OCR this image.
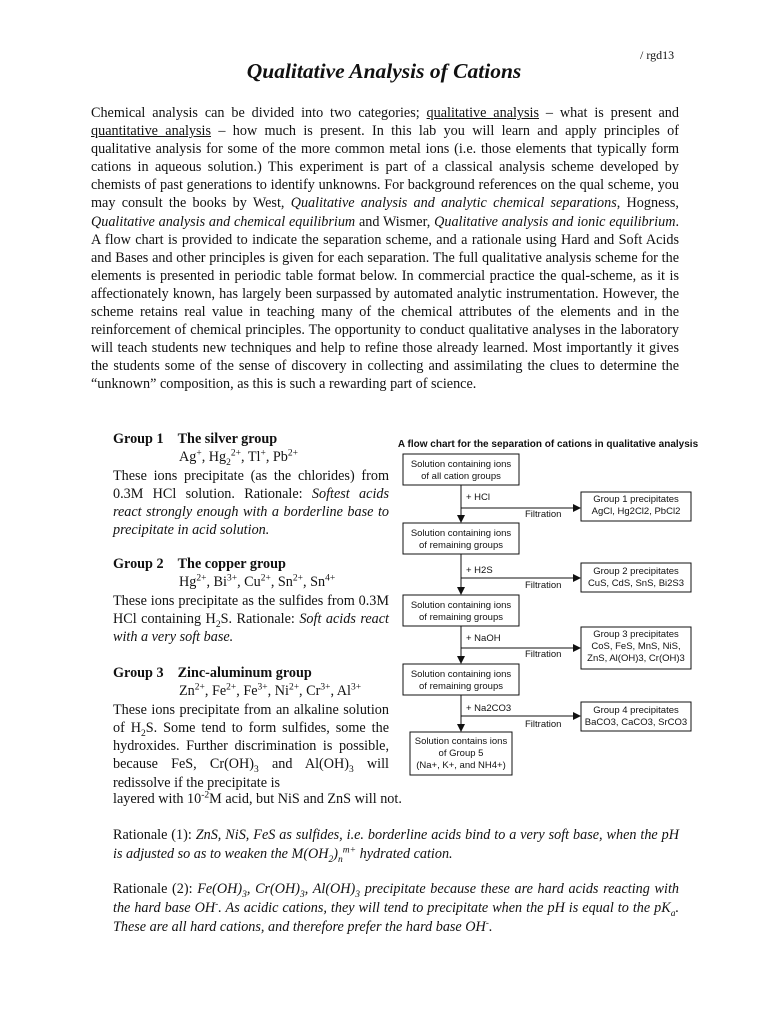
/ rgd13
Qualitative Analysis of Cations

Chemical analysis can be divided into two categories; qualitative analysis – what is present and quantitative analysis – how much is present. In this lab you will learn and apply principles of qualitative analysis for some of the more common metal ions (i.e. those elements that typically form cations in aqueous solution.) This experiment is part of a classical analysis scheme developed by chemists of past generations to identify unknowns. For background references on the qual scheme, you may consult the books by West, Qualitative analysis and analytic chemical separations, Hogness, Qualitative analysis and chemical equilibrium and Wismer, Qualitative analysis and ionic equilibrium. A flow chart is provided to indicate the separation scheme, and a rationale using Hard and Soft Acids and Bases and other principles is given for each separation. The full qualitative analysis scheme for the elements is presented in periodic table format below. In commercial practice the qual-scheme, as it is affectionately known, has largely been surpassed by automated analytic instrumentation. However, the scheme retains real value in teaching many of the chemical attributes of the elements and in the reinforcement of chemical principles. The opportunity to conduct qualitative analyses in the laboratory will teach students new techniques and help to refine those already learned. Most importantly it gives the students some of the sense of discovery in collecting and assimilating the clues to determine the “unknown” composition, as this is such a rewarding part of science.

Group 1 The silver group
Ag+, $Hg_2^{2+}$, Tl+, $Pb^{2+}$
These ions precipitate (as the chlorides) from 0.3M HCl solution. Rationale: Softest acids react strongly enough with a borderline base to precipitate in acid solution.
Group 2 The copper group
$Hg^{2+}$, $Bi^{3+}$, $Cu^{2+}$, $Sn^{2+}$, $Sn^{4+}$
These ions precipitate as the sulfides from 0.3M HCl containing $H_2S$. Rationale: Soft acids react with a very soft base.
Group 3 Zinc-aluminum group
$Zn^{2+}$, $Fe^{2+}$, $Fe^{3+}$, $Ni^{2+}$, $Cr^{3+}$, $Al^{3+}$
These ions precipitate from an alkaline solution of $H_2S$. Some tend to form sulfides, some the hydroxides. Further discrimination is possible, because FeS, $Cr(OH)_3$ and $Al(OH)_3$ will redissolve if the precipitate is
layered with $10^{-2}M$ acid, but NiS and ZnS will not.
Rationale (1): ZnS, NiS, FeS as sulfides, i.e. borderline acids bind to a very soft base, when the pH is adjusted so as to weaken the $M(OH_2)_n^{m+}$ hydrated cation.
Rationale (2): $Fe(OH)_3$, $Cr(OH)_3$, $Al(OH)_3$ precipitate because these are hard acids reacting with the hard base OH-. As acidic cations, they will tend to precipitate when the pH is equal to the $pK_a$. These are all hard cations, and therefore prefer the hard base OH-.
A flow chart for the separation of cations in qualitative analysis
Solution containing ions
of all cation groups
Solution containing ions
of remaining groups
Solution containing ions
of remaining groups
Solution containing ions
of remaining groups
Solution contains ions
of Group 5
(Na+, K+, and NH4+)
Group 1 precipitates
AgCl, Hg2Cl2, PbCl2
Group 2 precipitates
CuS, CdS, SnS, Bi2S3
Group 3 precipitates
CoS, FeS, MnS, NiS,
ZnS, Al(OH)3, Cr(OH)3
Group 4 precipitates
BaCO3, CaCO3, SrCO3
+ HCl
+ H2S
+ NaOH
+ Na2CO3
Filtration
Filtration
Filtration
Filtration
